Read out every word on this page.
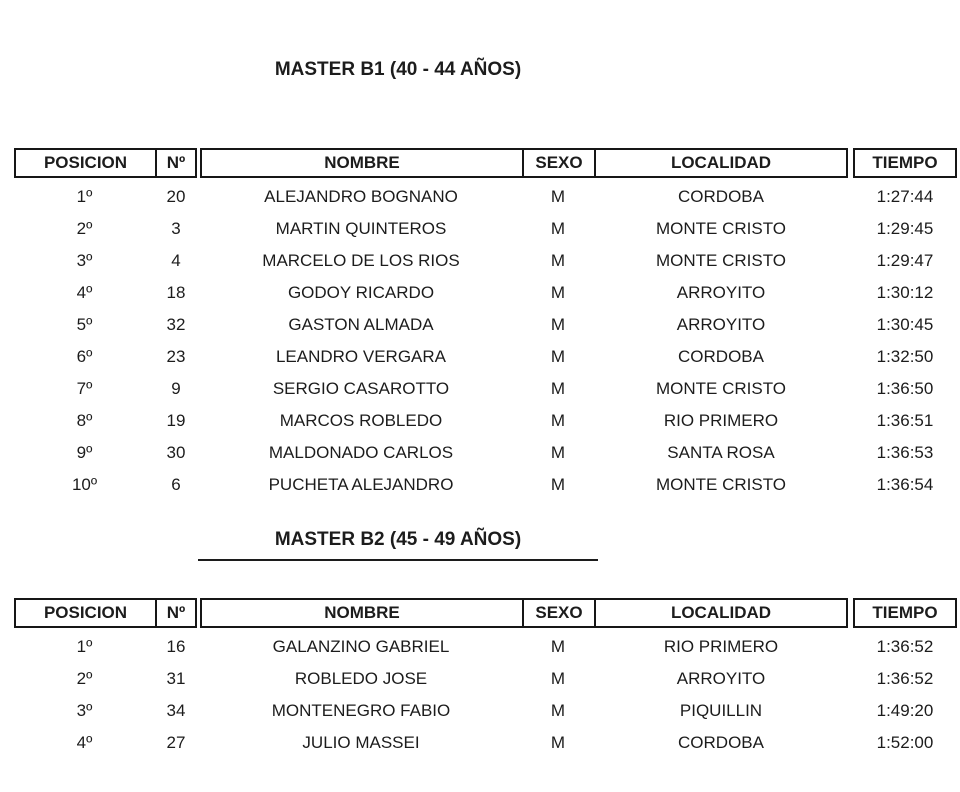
MASTER B1 (40 - 44 AÑOS)
POSICION	Nº	NOMBRE	SEXO	LOCALIDAD	TIEMPO
1º	20	ALEJANDRO BOGNANO	M	CORDOBA	1:27:44
2º	3	MARTIN QUINTEROS	M	MONTE CRISTO	1:29:45
3º	4	MARCELO DE LOS RIOS	M	MONTE CRISTO	1:29:47
4º	18	GODOY RICARDO	M	ARROYITO	1:30:12
5º	32	GASTON ALMADA	M	ARROYITO	1:30:45
6º	23	LEANDRO VERGARA	M	CORDOBA	1:32:50
7º	9	SERGIO CASAROTTO	M	MONTE CRISTO	1:36:50
8º	19	MARCOS ROBLEDO	M	RIO PRIMERO	1:36:51
9º	30	MALDONADO CARLOS	M	SANTA ROSA	1:36:53
10º	6	PUCHETA ALEJANDRO	M	MONTE CRISTO	1:36:54
MASTER B2 (45 - 49 AÑOS)
POSICION	Nº	NOMBRE	SEXO	LOCALIDAD	TIEMPO
1º	16	GALANZINO GABRIEL	M	RIO PRIMERO	1:36:52
2º	31	ROBLEDO JOSE	M	ARROYITO	1:36:52
3º	34	MONTENEGRO FABIO	M	PIQUILLIN	1:49:20
4º	27	JULIO MASSEI	M	CORDOBA	1:52:00
